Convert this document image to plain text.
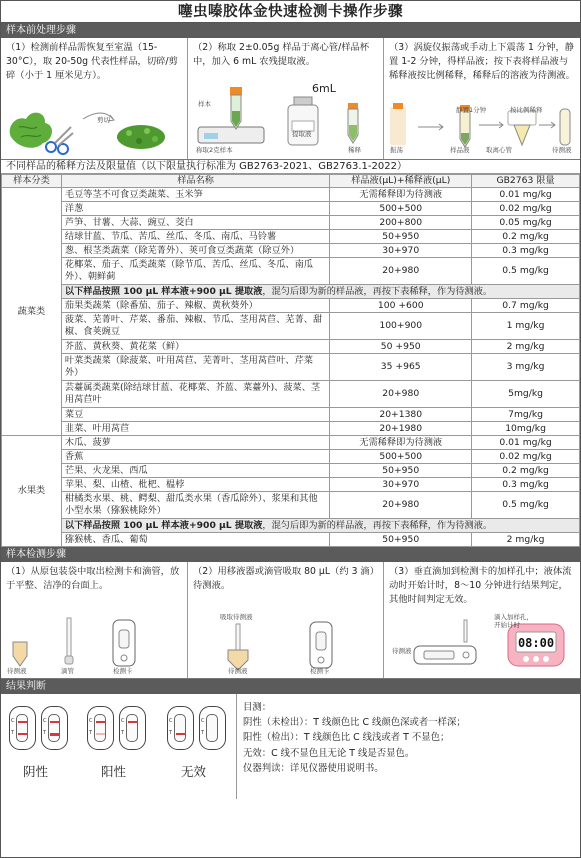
噻虫嗪胶体金快速检测卡操作步骤
样本前处理步骤
（1）检测前样品需恢复至室温（15-30°C），取 20-50g 代表性样品，切碎/剪碎（小于 1 厘米见方）。
剪切
（2）称取 2±0.05g 样品于离心管/样品杯中，加入 6 mL 农残提取液。
样本
称取2克样本
6mL
提取液
稀释
（3）涡旋仪振荡或手动上下震荡 1 分钟，静置 1-2 分钟，得样品液；按下表将样品液与稀释液按比例稀释，稀释后的溶液为待测液。
静置1分钟
振荡	样品液	取离心管
按比例稀释
待测液
不同样品的稀释方法及限量值（以下限量执行标准为 GB2763-2021、GB2763.1-2022）
样本分类	样品名称	样品液(μL)+稀释液(μL)	GB2763 限量
蔬菜类	毛豆等茎不可食豆类蔬菜、玉米笋	无需稀释即为待测液	0.01 mg/kg
	洋葱	500+500	0.02 mg/kg
	芦笋、甘薯、大蒜、豌豆、茭白	200+800	0.05 mg/kg
	结球甘蓝、节瓜、苦瓜、丝瓜、冬瓜、南瓜、马铃薯	50+950	0.2 mg/kg
	葱、根茎类蔬菜（除芜菁外）、荚可食豆类蔬菜（除豆外）	30+970	0.3 mg/kg
	花椰菜、茄子、瓜类蔬菜（除节瓜、苦瓜、丝瓜、冬瓜、南瓜外）、朝鲜蓟	20+980	0.5 mg/kg
	以下样品按照 100 μL 样本液+900 μL 提取液，混匀后即为新的样品液，再按下表稀释，作为待测液。		
	茄果类蔬菜（除番茄、茄子、辣椒、黄秋葵外）	100 +600	0.7 mg/kg
	菠菜、芜菁叶、芹菜、番茄、辣椒、节瓜、茎用莴苣、芜菁、甜椒、食荚豌豆	100+900	1 mg/kg
	芥蓝、黄秋葵、黄花菜（鲜）	50 +950	2 mg/kg
	叶菜类蔬菜（除菠菜、叶用莴苣、芜菁叶、茎用莴苣叶、芹菜外）	35 +965	3 mg/kg
	芸薹属类蔬菜(除结球甘蓝、花椰菜、芥蓝、菜薹外)、菠菜、茎用莴苣叶	20+980	5mg/kg
	菜豆	20+1380	7mg/kg
	韭菜、叶用莴苣	20+1980	10mg/kg
水果类	木瓜、菠萝	无需稀释即为待测液	0.01 mg/kg
	香蕉	500+500	0.02 mg/kg
	芒果、火龙果、西瓜	50+950	0.2 mg/kg
	苹果、梨、山楂、枇杷、榅桲	30+970	0.3 mg/kg
	柑橘类水果、桃、鳄梨、甜瓜类水果（香瓜除外）、浆果和其他小型水果（猕猴桃除外）	20+980	0.5 mg/kg
	以下样品按照 100 μL 样本液+900 μL 提取液，混匀后即为新的样品液，再按下表稀释，作为待测液。		
	猕猴桃、香瓜、葡萄	50+950	2 mg/kg
样本检测步骤
（1）从原包装袋中取出检测卡和滴管，放于平整、洁净的台面上。
待测液	滴管	检测卡
（2）用移液器或滴管吸取 80 μL（约 3 滴）待测液。
吸取待测液
待测液	检测卡
（3）垂直滴加到检测卡的加样孔中；液体流动时开始计时，8～10 分钟进行结果判定，其他时间判定无效。
08:00
滴入加样孔，
开始计时
待测液
结果判断
C
T
C
T
C
T
C
T
C
T
C
T
阴性	阳性	无效
目测：
阴性（未检出）：T 线颜色比 C 线颜色深或者一样深；
阳性（检出）：T 线颜色比 C 线浅或者 T 不显色；
无效：C 线不显色且无论 T 线是否显色。
仪器判读：详见仪器使用说明书。
